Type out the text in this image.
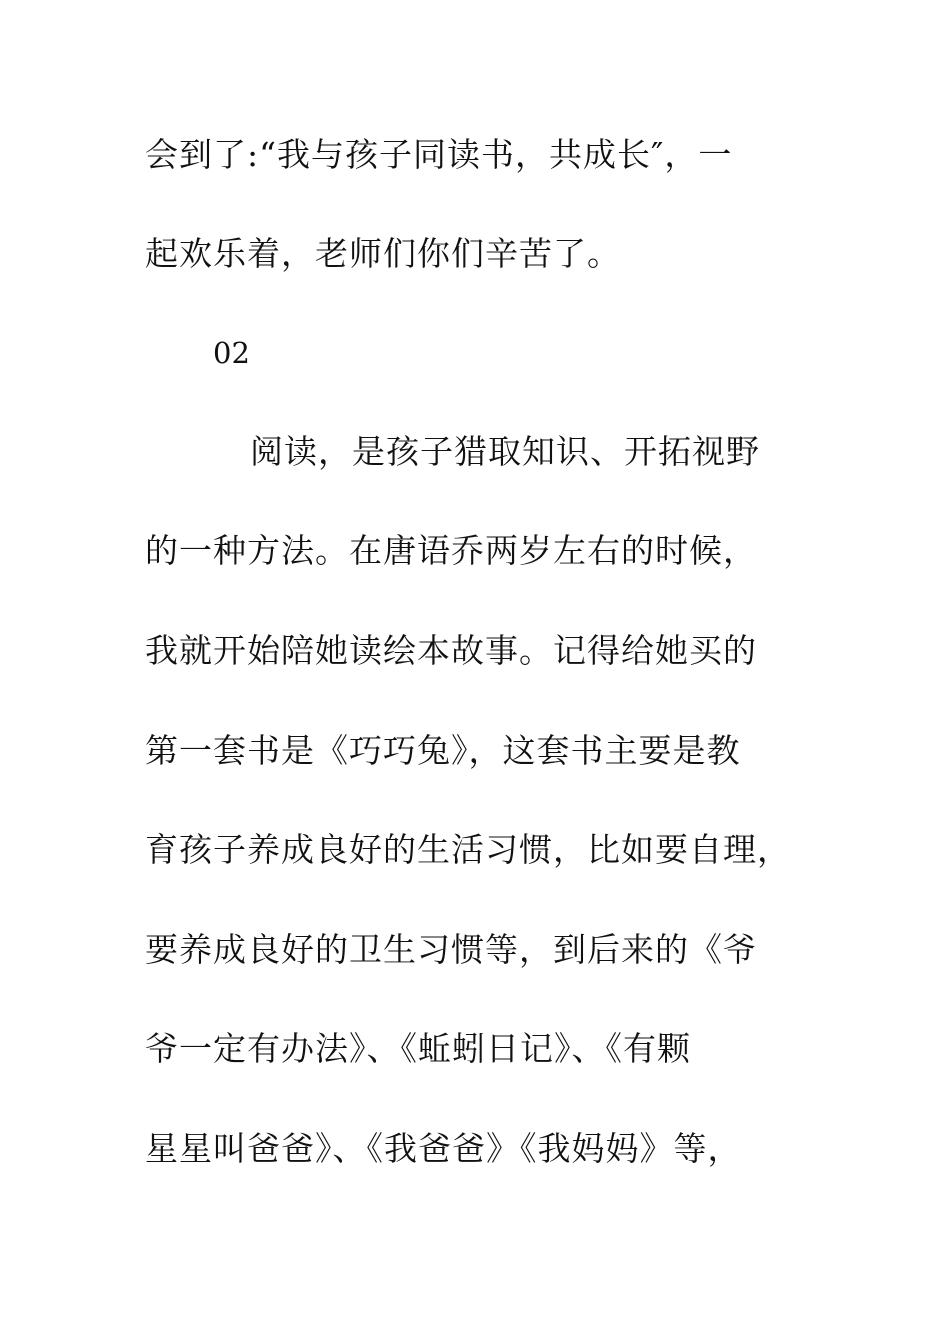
会到了:“我与孩子同读书，共成长″，一
起欢乐着，老师们你们辛苦了。
02
阅读，是孩子猎取知识、开拓视野
的一种方法。在唐语乔两岁左右的时候，
我就开始陪她读绘本故事。记得给她买的
第一套书是《巧巧兔》，这套书主要是教
育孩子养成良好的生活习惯，比如要自理，
要养成良好的卫生习惯等，到后来的《爷
爷一定有办法》、《蚯蚓日记》、《有颗
星星叫爸爸》、《我爸爸》《我妈妈》等，
